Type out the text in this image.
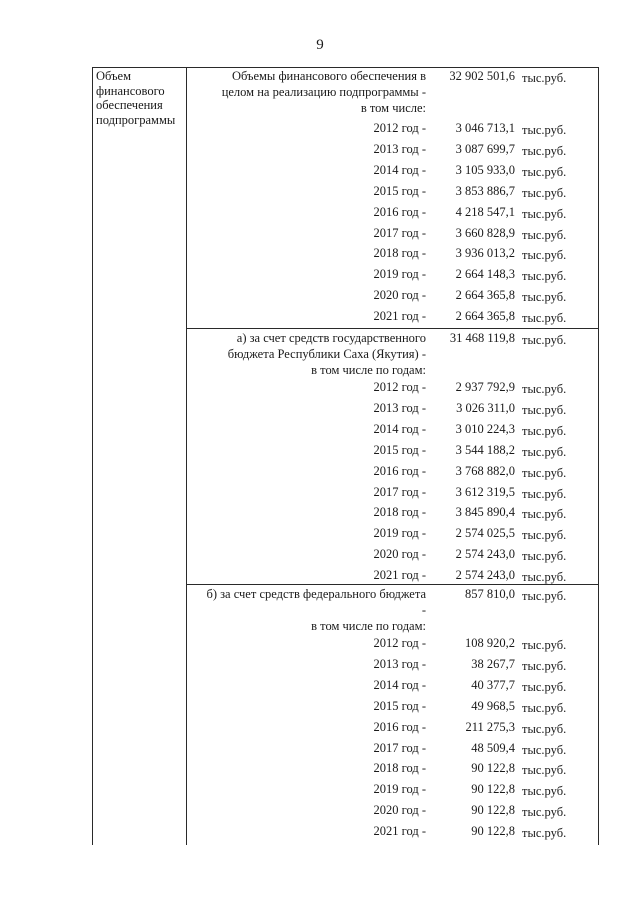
9
Объем
финансового
обеспечения
подпрограммы
Объемы финансового обеспечения в
целом на реализацию подпрограммы -
в том числе:
32 902 501,6 тыс.руб.
2012 год - 3 046 713,1 тыс.руб.
2013 год - 3 087 699,7 тыс.руб.
2014 год - 3 105 933,0 тыс.руб.
2015 год - 3 853 886,7 тыс.руб.
2016 год - 4 218 547,1 тыс.руб.
2017 год - 3 660 828,9 тыс.руб.
2018 год - 3 936 013,2 тыс.руб.
2019 год - 2 664 148,3 тыс.руб.
2020 год - 2 664 365,8 тыс.руб.
2021 год - 2 664 365,8 тыс.руб.
а) за счет средств государственного
бюджета Республики Саха (Якутия) -
в том числе по годам:
31 468 119,8 тыс.руб.
2012 год - 2 937 792,9 тыс.руб.
2013 год - 3 026 311,0 тыс.руб.
2014 год - 3 010 224,3 тыс.руб.
2015 год - 3 544 188,2 тыс.руб.
2016 год - 3 768 882,0 тыс.руб.
2017 год - 3 612 319,5 тыс.руб.
2018 год - 3 845 890,4 тыс.руб.
2019 год - 2 574 025,5 тыс.руб.
2020 год - 2 574 243,0 тыс.руб.
2021 год - 2 574 243,0 тыс.руб.
б) за счет средств федерального бюджета
-
в том числе по годам:
857 810,0 тыс.руб.
2012 год -	108 920,2 тыс.руб.
2013 год -	38 267,7 тыс.руб.
2014 год -	40 377,7 тыс.руб.
2015 год -	49 968,5 тыс.руб.
2016 год -	211 275,3 тыс.руб.
2017 год -	48 509,4 тыс.руб.
2018 год -	90 122,8 тыс.руб.
2019 год -	90 122,8 тыс.руб.
2020 год -	90 122,8 тыс.руб.
2021 год -	90 122,8 тыс.руб.
